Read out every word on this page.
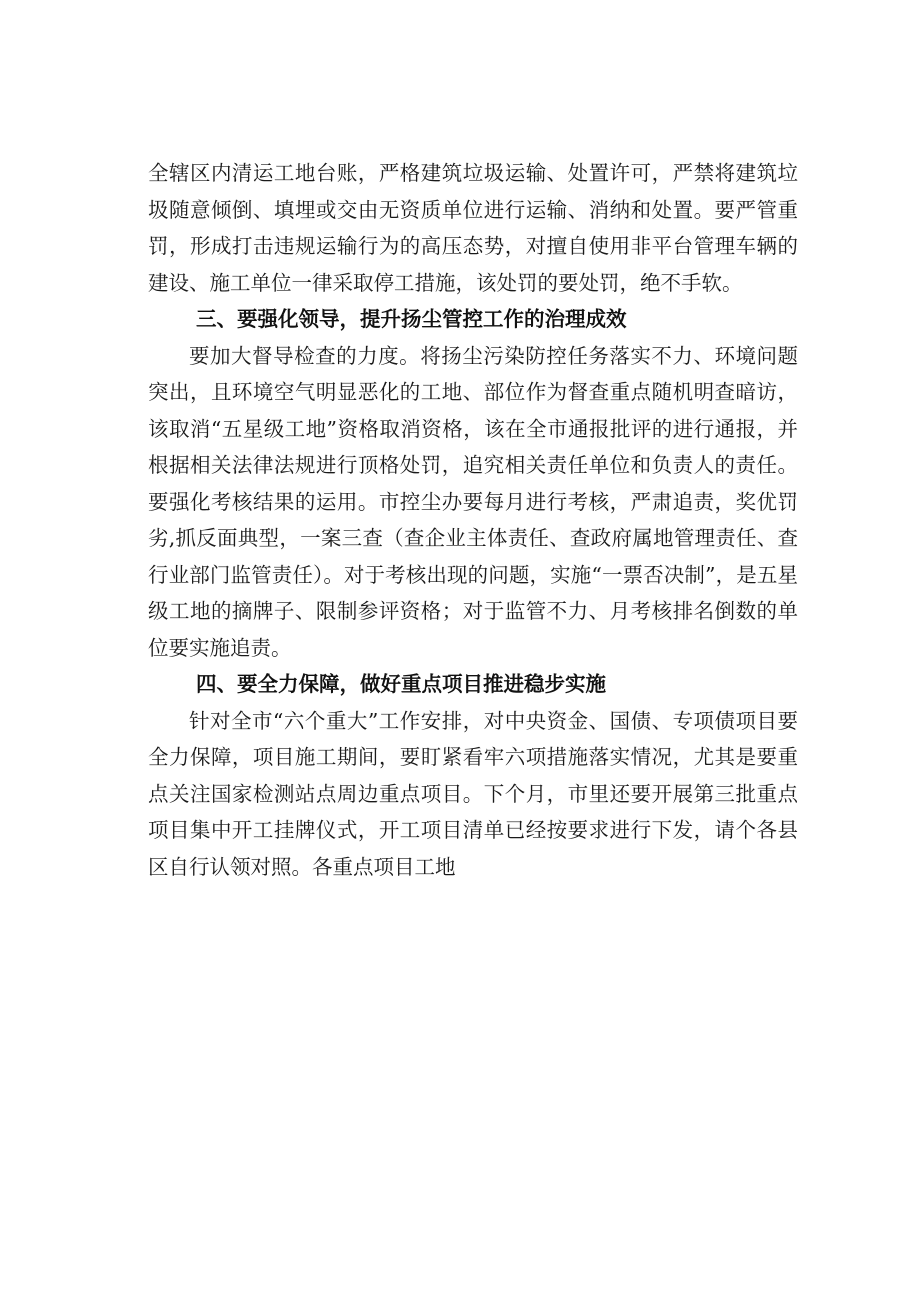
全辖区内清运工地台账，严格建筑垃圾运输、处置许可，严禁将建筑垃圾随意倾倒、填埋或交由无资质单位进行运输、消纳和处置。要严管重罚，形成打击违规运输行为的高压态势，对擅自使用非平台管理车辆的建设、施工单位一律采取停工措施，该处罚的要处罚，绝不手软。

三、要强化领导，提升扬尘管控工作的治理成效

要加大督导检查的力度。将扬尘污染防控任务落实不力、环境问题突出，且环境空气明显恶化的工地、部位作为督查重点随机明查暗访，该取消“五星级工地”资格取消资格，该在全市通报批评的进行通报，并根据相关法律法规进行顶格处罚，追究相关责任单位和负责人的责任。要强化考核结果的运用。市控尘办要每月进行考核，严肃追责，奖优罚劣,抓反面典型，一案三查（查企业主体责任、查政府属地管理责任、查行业部门监管责任）。对于考核出现的问题，实施“一票否决制”，是五星级工地的摘牌子、限制参评资格；对于监管不力、月考核排名倒数的单位要实施追责。

四、要全力保障，做好重点项目推进稳步实施

针对全市“六个重大”工作安排，对中央资金、国债、专项债项目要全力保障，项目施工期间，要盯紧看牢六项措施落实情况，尤其是要重点关注国家检测站点周边重点项目。下个月，市里还要开展第三批重点项目集中开工挂牌仪式，开工项目清单已经按要求进行下发，请个各县区自行认领对照。各重点项目工地
